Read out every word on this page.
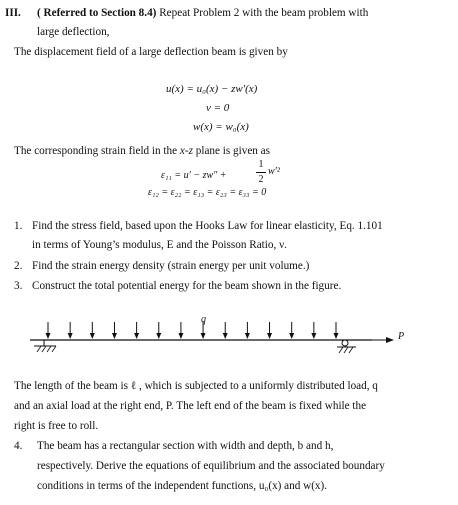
III. ( Referred to Section 8.4) Repeat Problem 2 with the beam problem with
large deflection,
The displacement field of a large deflection beam is given by
u(x) = u₀(x) − zw′(x)
v = 0
w(x) = w₀(x)
The corresponding strain field in the x-z plane is given as
ε₁₁ = u′ − zw″ +
1
2
w′²
ε₁₂ = ε₂₂ = ε₁₃ = ε₂₃ = ε₃₃ = 0
1. Find the stress field, based upon the Hooks Law for linear elasticity, Eq. 1.101
in terms of Young’s modulus, E and the Poisson Ratio, ν.
2. Find the strain energy density (strain energy per unit volume.)
3. Construct the total potential energy for the beam shown in the figure.
q
P
The length of the beam is ℓ , which is subjected to a uniformly distributed load, q
and an axial load at the right end, P. The left end of the beam is fixed while the
right is free to roll.
4. The beam has a rectangular section with width and depth, b and h,
respectively. Derive the equations of equilibrium and the associated boundary
conditions in terms of the independent functions, u₀(x) and w(x).
